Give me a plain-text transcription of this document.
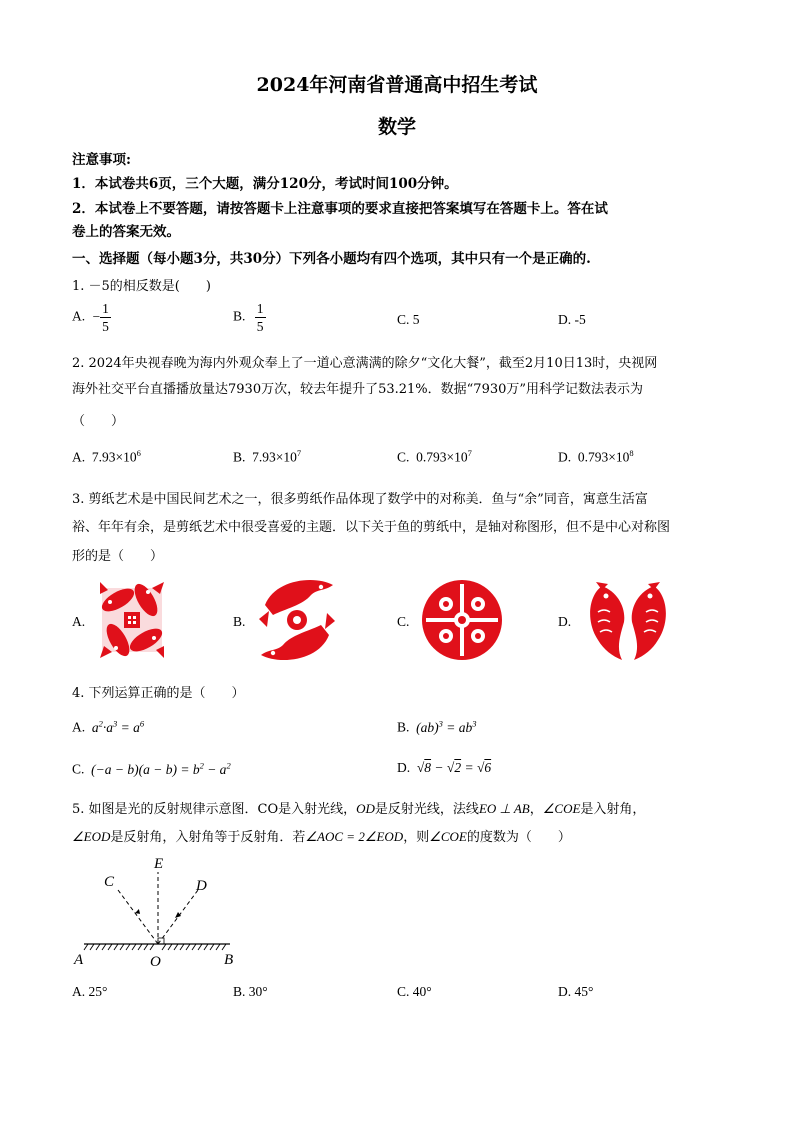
2024年河南省普通高中招生考试
数学
注意事项:
1．本试卷共6页，三个大题，满分120分，考试时间100分钟。
2．本试卷上不要答题，请按答题卡上注意事项的要求直接把答案填写在答题卡上。答在试
卷上的答案无效。
一、选择题（每小题3分，共30分）下列各小题均有四个选项，其中只有一个是正确的.
1. －5的相反数是(　　)
A. − $\frac{1}{5}$	B. $\frac{1}{5}$	C. 5	D. -5
2. 2024年央视春晚为海内外观众奉上了一道心意满满的除夕“文化大餐”，截至2月10日13时，央视网
海外社交平台直播播放量达7930万次，较去年提升了53.21%．数据“7930万”用科学记数法表示为
（　　）
A. $7.93\times 10^6$	B. $7.93\times 10^7$	C. $0.793\times 10^7$	D. $0.793\times 10^8$
3. 剪纸艺术是中国民间艺术之一，很多剪纸作品体现了数学中的对称美．鱼与“余”同音，寓意生活富
裕、年年有余，是剪纸艺术中很受喜爱的主题．以下关于鱼的剪纸中，是轴对称图形，但不是中心对称图
形的是（　　）
A.	B.	C.	D.
4. 下列运算正确的是（　　）
A. $a^2\cdot a^3 = a^6$	B. $(ab)^3 = ab^3$
C. $(-a - b)(a - b) = b^2 - a^2$	D. √8 − √2 = √6
5. 如图是光的反射规律示意图．CO是入射光线，OD是反射光线，法线EO ⊥ AB，∠COE是入射角，
∠EOD是反射角，入射角等于反射角．若∠AOC = 2∠EOD，则∠COE的度数为（　　）
E
C	D
A	O	B
A. 25°	B. 30°	C. 40°	D. 45°
